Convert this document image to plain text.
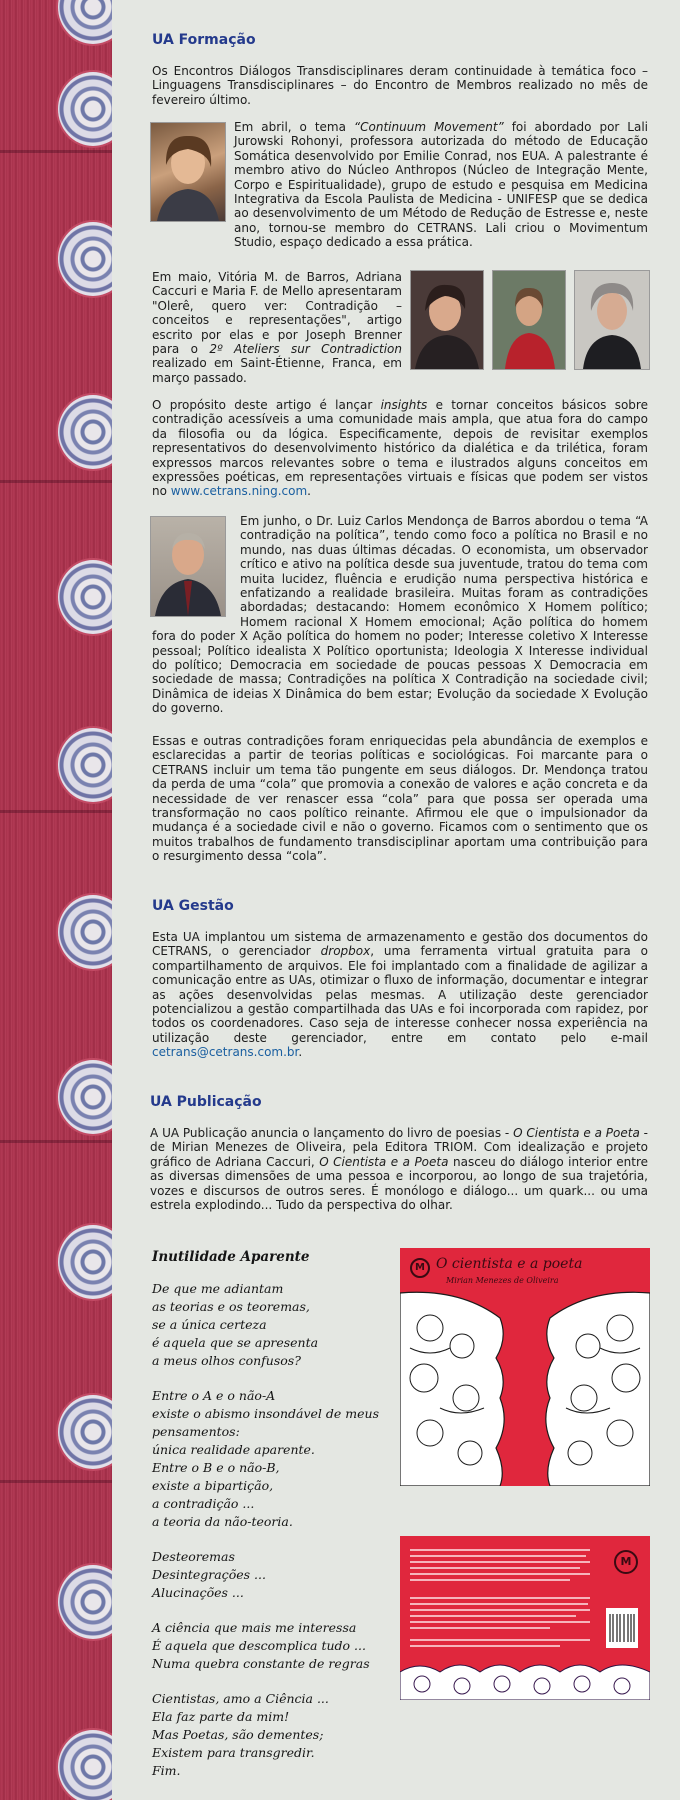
UA Formação

Os Encontros Diálogos Transdisciplinares deram continuidade à temática foco – Linguagens Transdisciplinares – do Encontro de Membros realizado no mês de fevereiro último.

Em abril, o tema “Continuum Movement” foi abordado por Lali Jurowski Rohonyi, professora autorizada do método de Educação Somática desenvolvido por Emilie Conrad, nos EUA. A palestrante é membro ativo do Núcleo Anthropos (Núcleo de Integração Mente, Corpo e Espiritualidade), grupo de estudo e pesquisa em Medicina Integrativa da Escola Paulista de Medicina - UNIFESP que se dedica ao desenvolvimento de um Método de Redução de Estresse e, neste ano, tornou-se membro do CETRANS. Lali criou o Movimentum Studio, espaço dedicado a essa prática.

Em maio, Vitória M. de Barros, Adriana Caccuri e Maria F. de Mello apresentaram "Olerê, quero ver: Contradição – conceitos e representações", artigo escrito por elas e por Joseph Brenner para o 2º Ateliers sur Contradiction realizado em Saint-Étienne, Franca, em março passado.

O propósito deste artigo é lançar insights e tornar conceitos básicos sobre contradição acessíveis a uma comunidade mais ampla, que atua fora do campo da filosofia ou da lógica. Especificamente, depois de revisitar exemplos representativos do desenvolvimento histórico da dialética e da trilética, foram expressos marcos relevantes sobre o tema e ilustrados alguns conceitos em expressões poéticas, em representações virtuais e físicas que podem ser vistos no www.cetrans.ning.com.

Em junho, o Dr. Luiz Carlos Mendonça de Barros abordou o tema “A contradição na política”, tendo como foco a política no Brasil e no mundo, nas duas últimas décadas. O economista, um observador crítico e ativo na política desde sua juventude, tratou do tema com muita lucidez, fluência e erudição numa perspectiva histórica e enfatizando a realidade brasileira. Muitas foram as contradições abordadas; destacando: Homem econômico X Homem político; Homem racional X Homem emocional; Ação política do homem fora do poder X Ação política do homem no poder; Interesse coletivo X Interesse pessoal; Político idealista X Político oportunista; Ideologia X Interesse individual do político; Democracia em sociedade de poucas pessoas X Democracia em sociedade de massa; Contradições na política X Contradição na sociedade civil; Dinâmica de ideias X Dinâmica do bem estar; Evolução da sociedade X Evolução do governo.

Essas e outras contradições foram enriquecidas pela abundância de exemplos e esclarecidas a partir de teorias políticas e sociológicas. Foi marcante para o CETRANS incluir um tema tão pungente em seus diálogos. Dr. Mendonça tratou da perda de uma “cola” que promovia a conexão de valores e ação concreta e da necessidade de ver renascer essa “cola” para que possa ser operada uma transformação no caos político reinante. Afirmou ele que o impulsionador da mudança é a sociedade civil e não o governo. Ficamos com o sentimento que os muitos trabalhos de fundamento transdisciplinar aportam uma contribuição para o resurgimento dessa “cola”.

UA Gestão

Esta UA implantou um sistema de armazenamento e gestão dos documentos do CETRANS, o gerenciador dropbox, uma ferramenta virtual gratuita para o compartilhamento de arquivos. Ele foi implantado com a finalidade de agilizar a comunicação entre as UAs, otimizar o fluxo de informação, documentar e integrar as ações desenvolvidas pelas mesmas. A utilização deste gerenciador potencializou a gestão compartilhada das UAs e foi incorporada com rapidez, por todos os coordenadores. Caso seja de interesse conhecer nossa experiência na utilização deste gerenciador, entre em contato pelo e-mail cetrans@cetrans.com.br.

UA Publicação

A UA Publicação anuncia o lançamento do livro de poesias - O Cientista e a Poeta - de Mirian Menezes de Oliveira, pela Editora TRIOM. Com idealização e projeto gráfico de Adriana Caccuri, O Cientista e a Poeta nasceu do diálogo interior entre as diversas dimensões de uma pessoa e incorporou, ao longo de sua trajetória, vozes e discursos de outros seres. É monólogo e diálogo... um quark... ou uma estrela explodindo... Tudo da perspectiva do olhar.

Inutilidade Aparente
De que me adiantam
as teorias e os teoremas,
se a única certeza
é aquela que se apresenta
a meus olhos confusos?
Entre o A e o não-A
existe o abismo insondável de meus
pensamentos:
única realidade aparente.
Entre o B e o não-B,
existe a bipartição,
a contradição ...
a teoria da não-teoria.
Desteoremas
Desintegrações ...
Alucinações ...
A ciência que mais me interessa
É aquela que descomplica tudo ...
Numa quebra constante de regras
Cientistas, amo a Ciência ...
Ela faz parte da mim!
Mas Poetas, são dementes;
Existem para transgredir.
Fim.
M O cientista e a poeta
Mirian Menezes de Oliveira
M
